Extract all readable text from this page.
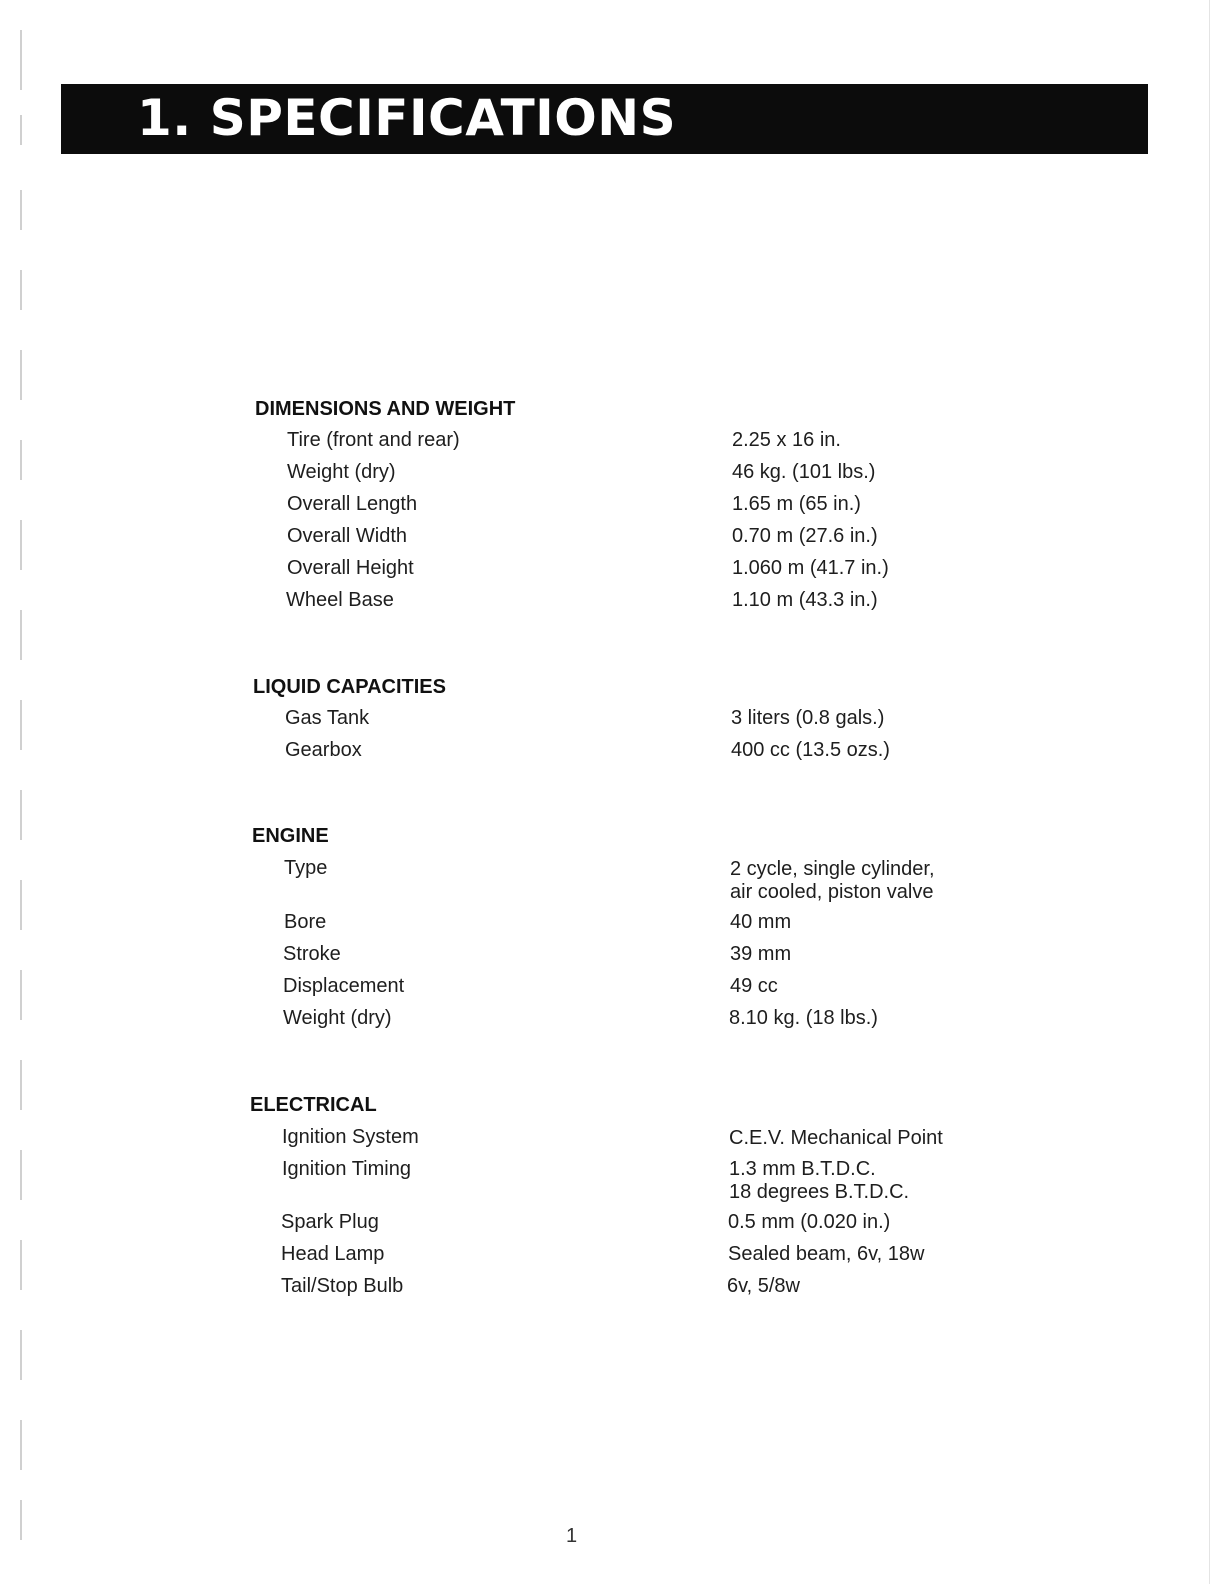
1. SPECIFICATIONS
DIMENSIONS AND WEIGHT
Tire (front and rear)	2.25 x 16 in.
Weight (dry)	46 kg. (101 lbs.)
Overall Length	1.65 m (65 in.)
Overall Width	0.70 m (27.6 in.)
Overall Height	1.060 m (41.7 in.)
Wheel Base	1.10 m (43.3 in.)
LIQUID CAPACITIES
Gas Tank	3 liters (0.8 gals.)
Gearbox	400 cc (13.5 ozs.)
ENGINE
Type	2 cycle, single cylinder,
air cooled, piston valve
Bore	40 mm
Stroke	39 mm
Displacement	49 cc
Weight (dry)	8.10 kg. (18 lbs.)
ELECTRICAL
Ignition System	C.E.V. Mechanical Point
Ignition Timing	1.3 mm B.T.D.C.
18 degrees B.T.D.C.
Spark Plug	0.5 mm (0.020 in.)
Head Lamp	Sealed beam, 6v, 18w
Tail/Stop Bulb	6v, 5/8w
1
